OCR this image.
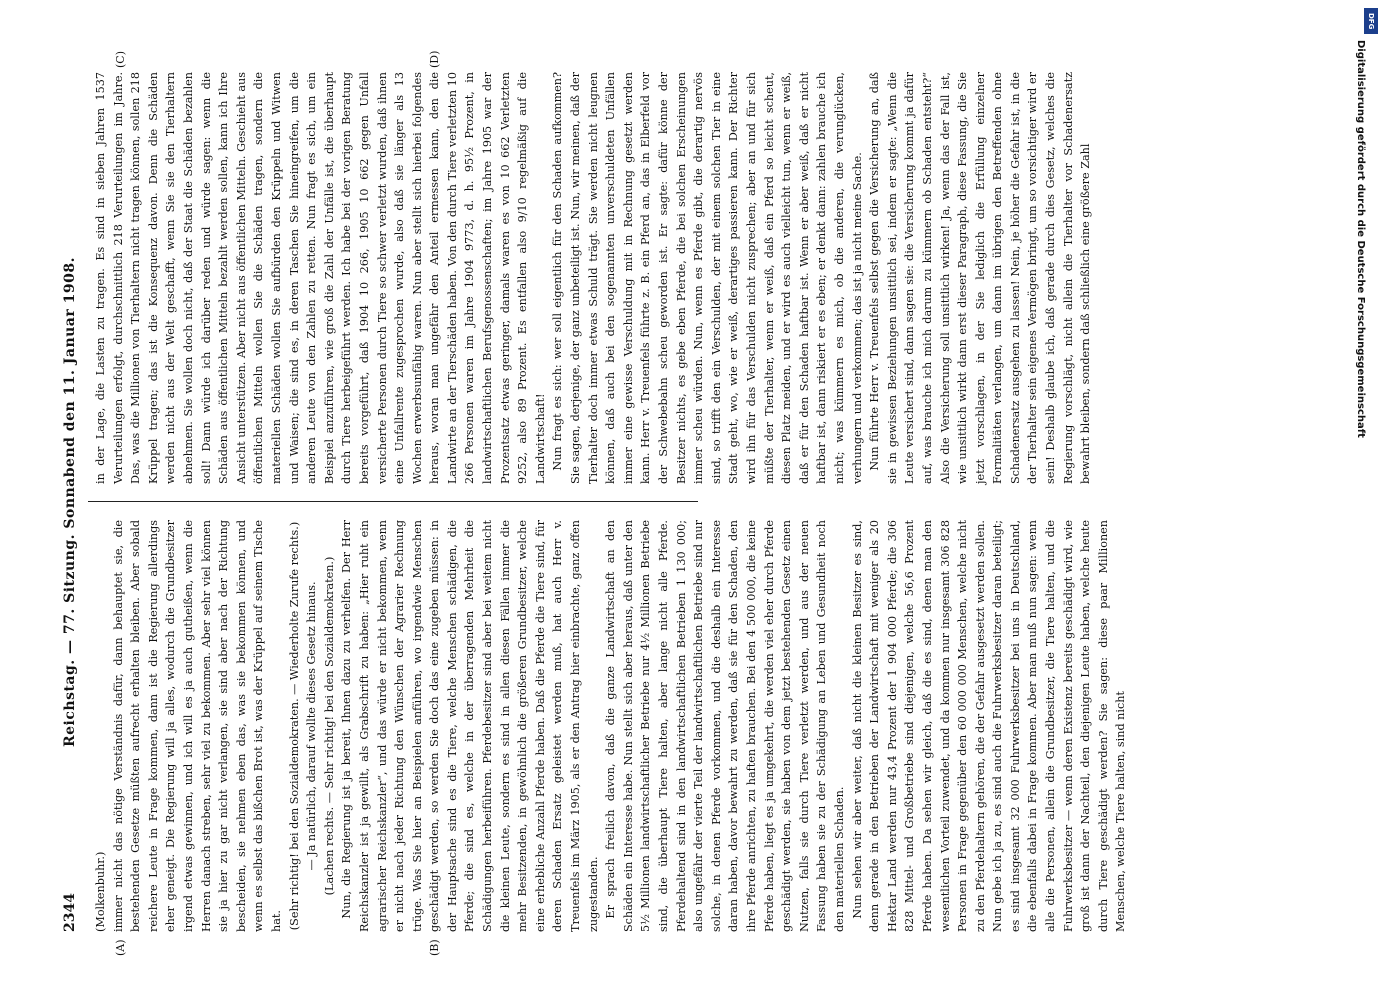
2344
Reichstag. — 77. Sitzung. Sonnabend den 11. Januar 1908.
(A)	(B)
(C)	(D)

(Molkenbuhr.) immer nicht das nötige Verständnis dafür, dann behauptet sie, die bestehenden Gesetze müßten aufrecht erhalten bleiben. Aber sobald reichere Leute in Frage kommen, dann ist die Regierung allerdings eher geneigt. Die Regierung will ja alles, wodurch die Grundbesitzer irgend etwas gewinnen, und ich will es ja auch gutheißen, wenn die Herren danach streben, sehr viel zu bekommen. Aber sehr viel können sie ja hier zu gar nicht verlangen, sie sind aber nach der Richtung bescheiden, sie nehmen eben das, was sie bekommen können, und wenn es selbst das bißchen Brot ist, was der Krüppel auf seinem Tische hat. (Sehr richtig! bei den Sozialdemokraten. — Wiederholte Zurufe rechts.) — Ja natürlich, darauf wollte dieses Gesetz hinaus. (Lachen rechts. — Sehr richtig! bei den Sozialdemokraten.) Nun, die Regierung ist ja bereit, Ihnen dazu zu verhelfen. Der Herr Reichskanzler ist ja gewillt, als Grabschrift zu haben: „Hier ruht ein agrarischer Reichskanzler“, und das würde er nicht bekommen, wenn er nicht nach jeder Richtung den Wünschen der Agrarier Rechnung trüge. Was Sie hier an Beispielen anführen, wo irgendwie Menschen geschädigt werden, so werden Sie doch das eine zugeben müssen: in der Hauptsache sind es die Tiere, welche Menschen schädigen, die Pferde; die sind es, welche in der überragenden Mehrheit die Schädigungen herbeiführen. Pferdebesitzer sind aber bei weitem nicht die kleinen Leute, sondern es sind in allen diesen Fällen immer die mehr Besitzenden, in gewöhnlich die größeren Grundbesitzer, welche eine erhebliche Anzahl Pferde haben. Daß die Pferde die Tiere sind, für deren Schaden Ersatz geleistet werden muß, hat auch Herr v. Treuenfels im März 1905, als er den Antrag hier einbrachte, ganz offen zugestanden. Er sprach freilich davon, daß die ganze Landwirtschaft an den Schäden ein Interesse habe. Nun stellt sich aber heraus, daß unter den 5½ Millionen landwirtschaftlicher Betriebe nur 4½ Millionen Betriebe sind, die überhaupt Tiere halten, aber lange nicht alle Pferde. Pferdehaltend sind in den landwirtschaftlichen Betrieben 1 130 000; also ungefähr der vierte Teil der landwirtschaftlichen Betriebe sind nur solche, in denen Pferde vorkommen, und die deshalb ein Interesse daran haben, davor bewahrt zu werden, daß sie für den Schaden, den ihre Pferde anrichten, zu haften brauchen. Bei den 4 500 000, die keine Pferde haben, liegt es ja umgekehrt, die werden viel eher durch Pferde geschädigt werden, sie haben von dem jetzt bestehenden Gesetz einen Nutzen, falls sie durch Tiere verletzt werden, und aus der neuen Fassung haben sie zu der Schädigung an Leben und Gesundheit noch den materiellen Schaden. Nun sehen wir aber weiter, daß nicht die kleinen Besitzer es sind, denn gerade in den Betrieben der Landwirtschaft mit weniger als 20 Hektar Land werden nur 43,4 Prozent der 1 904 000 Pferde; die 306 828 Mittel- und Großbetriebe sind diejenigen, welche 56,6 Prozent Pferde haben. Da sehen wir gleich, daß die es sind, denen man den wesentlichen Vorteil zuwendet, und da kommen nur insgesamt 306 828 Personen in Frage gegenüber den 60 000 000 Menschen, welche nicht zu den Pferdehaltern gehören, die der Gefahr ausgesetzt werden sollen. Nun gebe ich ja zu, es sind auch die Fuhrwerksbesitzer daran beteiligt; es sind insgesamt 32 000 Fuhrwerksbesitzer bei uns in Deutschland, die ebenfalls dabei in Frage kommen. Aber man muß nun sagen: wenn alle die Personen, allein die Grundbesitzer, die Tiere halten, und die Fuhrwerksbesitzer — wenn deren Existenz bereits geschädigt wird, wie groß ist dann der Nachteil, den diejenigen Leute haben, welche heute durch Tiere geschädigt werden? Sie sagen: diese paar Millionen Menschen, welche Tiere halten, sind nicht

in der Lage, die Lasten zu tragen. Es sind in sieben Jahren 1537 Verurteilungen erfolgt, durchschnittlich 218 Verurteilungen im Jahre. Das, was die Millionen von Tierhaltern nicht tragen können, sollen 218 Krüppel tragen; das ist die Konsequenz davon. Denn die Schäden werden nicht aus der Welt geschafft, wenn Sie sie den Tierhaltern abnehmen. Sie wollen doch nicht, daß der Staat die Schäden bezahlen soll! Dann würde ich darüber reden und würde sagen: wenn die Schäden aus öffentlichen Mitteln bezahlt werden sollen, kann ich Ihre Ansicht unterstützen. Aber nicht aus öffentlichen Mitteln. Geschieht aus öffentlichen Mitteln wollen Sie die Schäden tragen, sondern die materiellen Schäden wollen Sie aufbürden den Krüppeln und Witwen und Waisen; die sind es, in deren Taschen Sie hineingreifen, um die anderen Leute von den Zahlen zu retten. Nun fragt es sich, um ein Beispiel anzuführen, wie groß die Zahl der Unfälle ist, die überhaupt durch Tiere herbeigeführt werden. Ich habe bei der vorigen Beratung bereits vorgeführt, daß 1904 10 266, 1905 10 662 gegen Unfall versicherte Personen durch Tiere so schwer verletzt wurden, daß ihnen eine Unfallrente zugesprochen wurde, also daß sie länger als 13 Wochen erwerbsunfähig waren. Nun aber stellt sich hierbei folgendes heraus, woran man ungefähr den Anteil ermessen kann, den die Landwirte an der Tierschäden haben. Von den durch Tiere verletzten 10 266 Personen waren im Jahre 1904 9773, d. h. 95½ Prozent, in landwirtschaftlichen Berufsgenossenschaften; im Jahre 1905 war der Prozentsatz etwas geringer, damals waren es von 10 662 Verletzten 9252, also 89 Prozent. Es entfallen also 9/10 regelmäßig auf die Landwirtschaft! Nun fragt es sich: wer soll eigentlich für den Schaden aufkommen? Sie sagen, derjenige, der ganz unbeteiligt ist. Nun, wir meinen, daß der Tierhalter doch immer etwas Schuld trägt. Sie werden nicht leugnen können, daß auch bei den sogenannten unverschuldeten Unfällen immer eine gewisse Verschuldung mit in Rechnung gesetzt werden kann. Herr v. Treuenfels führte z. B. ein Pferd an, das in Elberfeld vor der Schwebebahn scheu geworden ist. Er sagte: dafür könne der Besitzer nichts, es gebe eben Pferde, die bei solchen Erscheinungen immer scheu würden. Nun, wenn es Pferde gibt, die derartig nervös sind, so trifft den ein Verschulden, der mit einem solchen Tier in eine Stadt geht, wo, wie er weiß, derartiges passieren kann. Der Richter wird ihn für das Verschulden nicht zusprechen; aber an und für sich müßte der Tierhalter, wenn er weiß, daß ein Pferd so leicht scheut, diesen Platz meiden, und er wird es auch vielleicht tun, wenn er weiß, daß er für den Schaden haftbar ist. Wenn er aber weiß, daß er nicht haftbar ist, dann riskiert er es eben; er denkt dann: zahlen brauche ich nicht; was kümmern es mich, ob die anderen, die verunglücken, verhungern und verkommen; das ist ja nicht meine Sache. Nun führte Herr v. Treuenfels selbst gegen die Versicherung an, daß sie in gewissen Beziehungen unsittlich sei, indem er sagte: „Wenn die Leute versichert sind, dann sagen sie: die Versicherung kommt ja dafür auf, was brauche ich mich darum zu kümmern ob Schaden entsteht?“ Also die Versicherung soll unsittlich wirken! Ja, wenn das der Fall ist, wie unsittlich wirkt dann erst dieser Paragraph, diese Fassung, die Sie jetzt vorschlagen, in der Sie lediglich die Erfüllung einzelner Formalitäten verlangen, um dann im übrigen den Betreffenden ohne Schadenersatz ausgehen zu lassen! Nein, je höher die Gefahr ist, in die der Tierhalter sein eigenes Vermögen bringt, um so vorsichtiger wird er sein! Deshalb glaube ich, daß gerade durch dies Gesetz, welches die Regierung vorschlägt, nicht allein die Tierhalter vor Schadenersatz bewahrt bleiben, sondern daß schließlich eine größere Zahl

DFG
Digitalisierung gefördert durch die Deutsche Forschungsgemeinschaft
